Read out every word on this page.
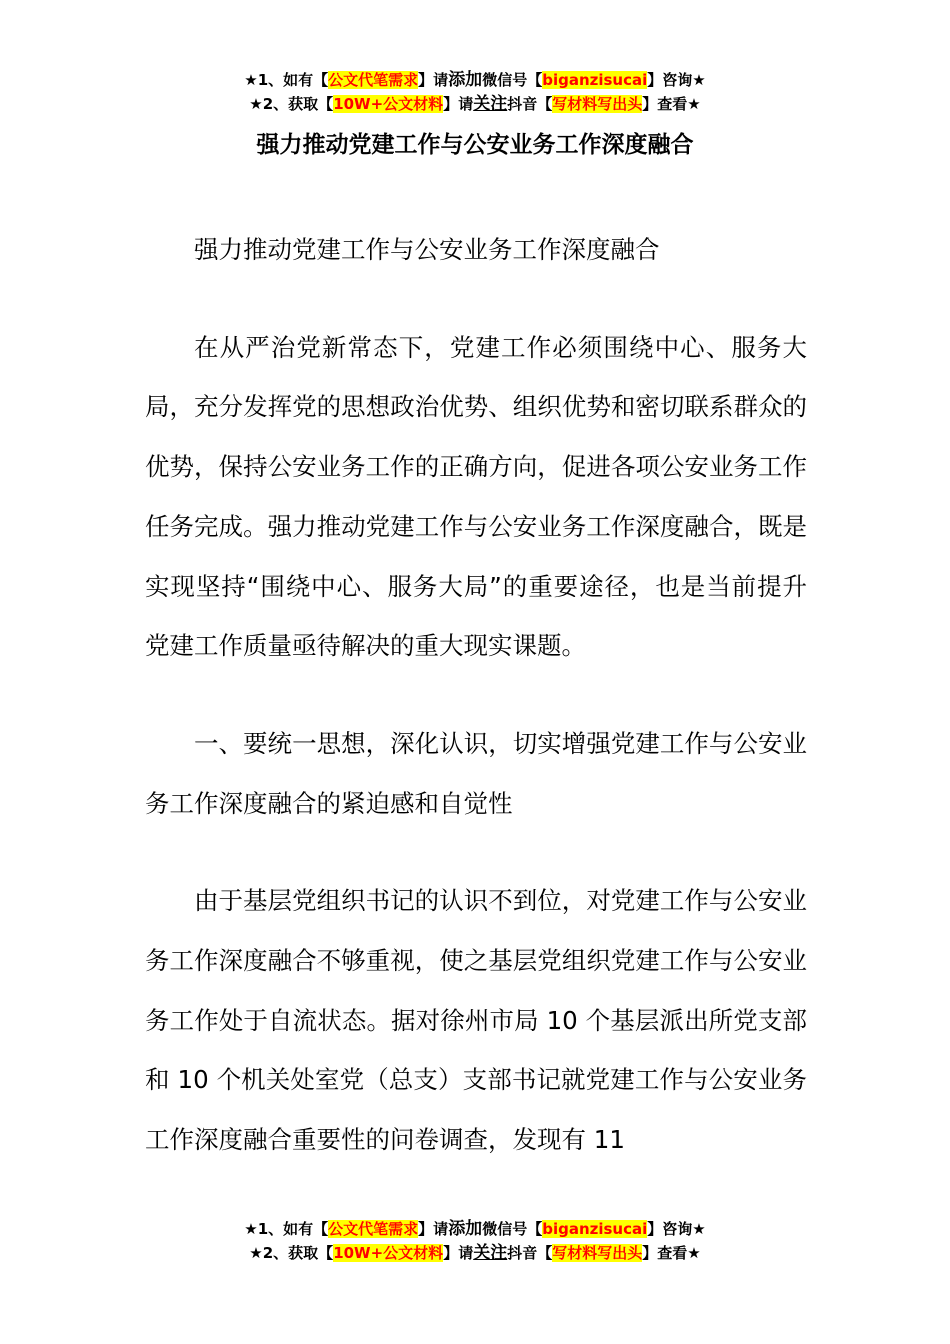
★1、如有【公文代笔需求】请添加微信号【biganzisucai】咨询★
★2、获取【10W+公文材料】请关注抖音【写材料写出头】查看★
强力推动党建工作与公安业务工作深度融合

强力推动党建工作与公安业务工作深度融合

在从严治党新常态下，党建工作必须围绕中心、服务大局，充分发挥党的思想政治优势、组织优势和密切联系群众的优势，保持公安业务工作的正确方向，促进各项公安业务工作任务完成。强力推动党建工作与公安业务工作深度融合，既是实现坚持“围绕中心、服务大局”的重要途径，也是当前提升党建工作质量亟待解决的重大现实课题。

一、要统一思想，深化认识，切实增强党建工作与公安业务工作深度融合的紧迫感和自觉性

由于基层党组织书记的认识不到位，对党建工作与公安业务工作深度融合不够重视，使之基层党组织党建工作与公安业务工作处于自流状态。据对徐州市局 10 个基层派出所党支部和 10 个机关处室党（总支）支部书记就党建工作与公安业务工作深度融合重要性的问卷调查，发现有 11

★1、如有【公文代笔需求】请添加微信号【biganzisucai】咨询★
★2、获取【10W+公文材料】请关注抖音【写材料写出头】查看★
